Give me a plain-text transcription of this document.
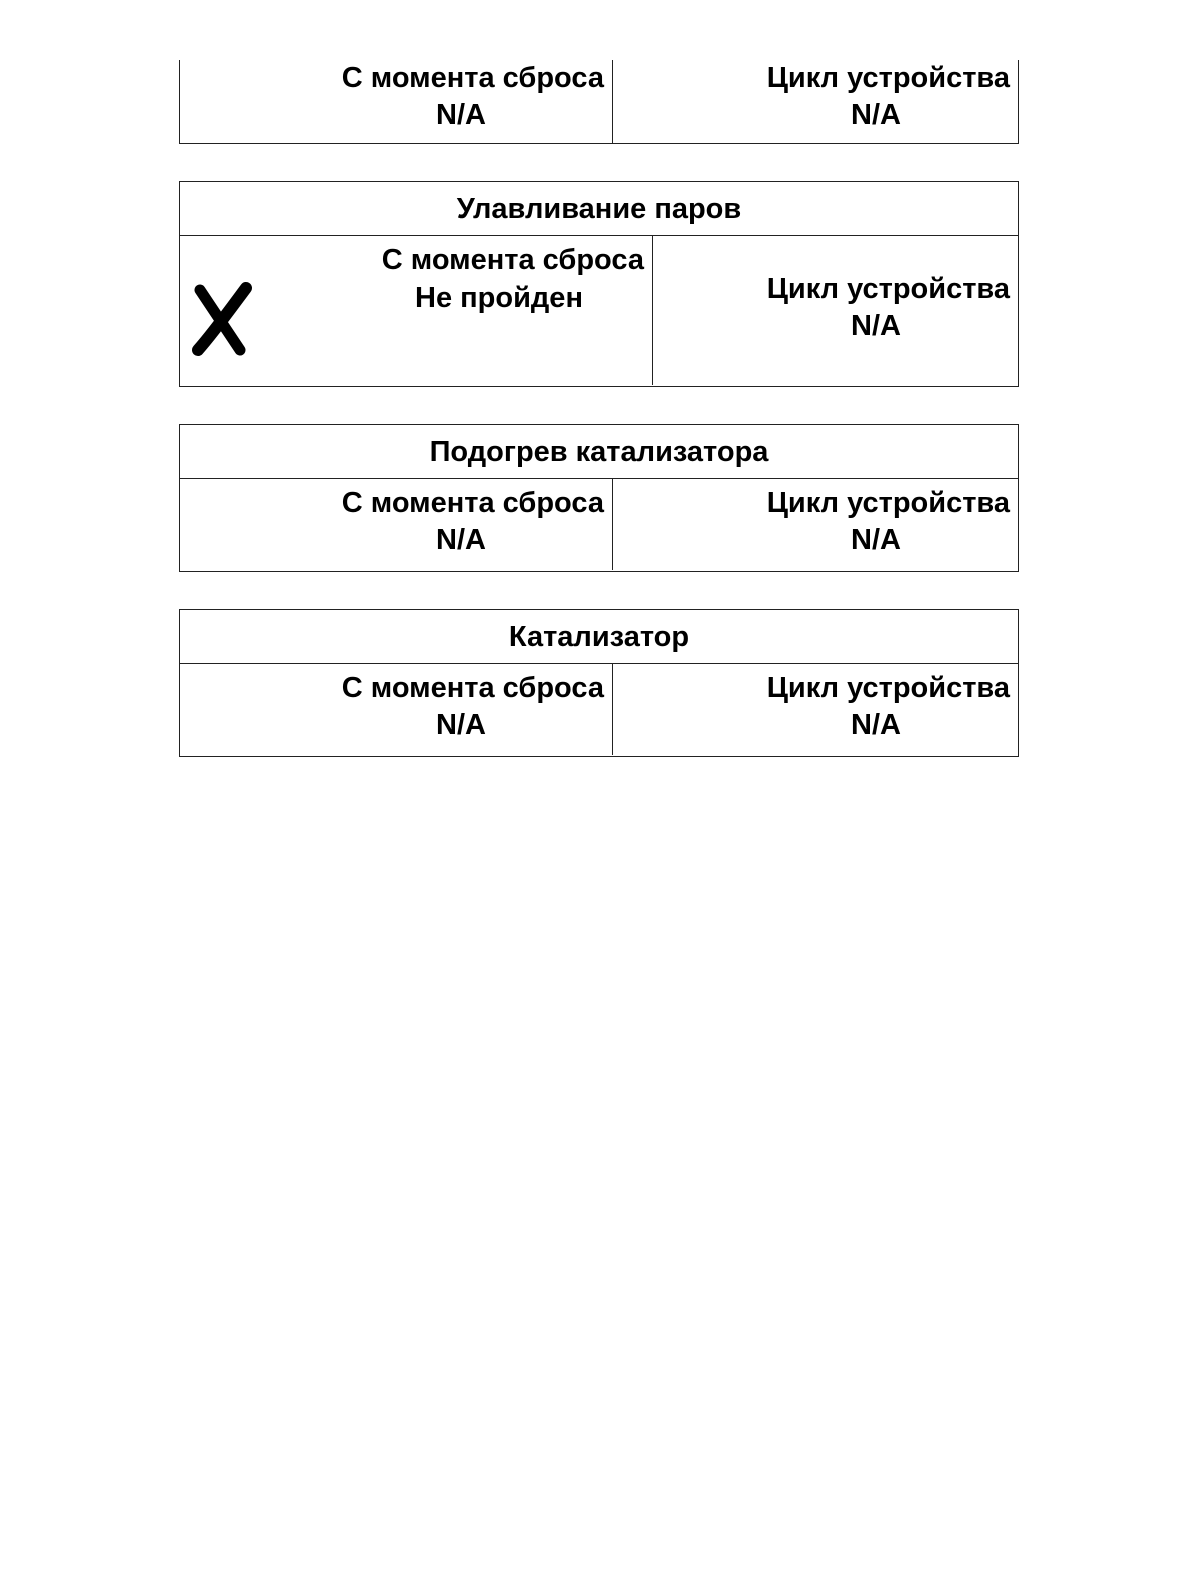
С момента сброса
N/A
Цикл устройства
N/A
Улавливание паров
С момента сброса
Не пройден	Цикл устройства
N/A
Подогрев катализатора
С момента сброса
N/A
Цикл устройства
N/A
Катализатор
С момента сброса
N/A
Цикл устройства
N/A
